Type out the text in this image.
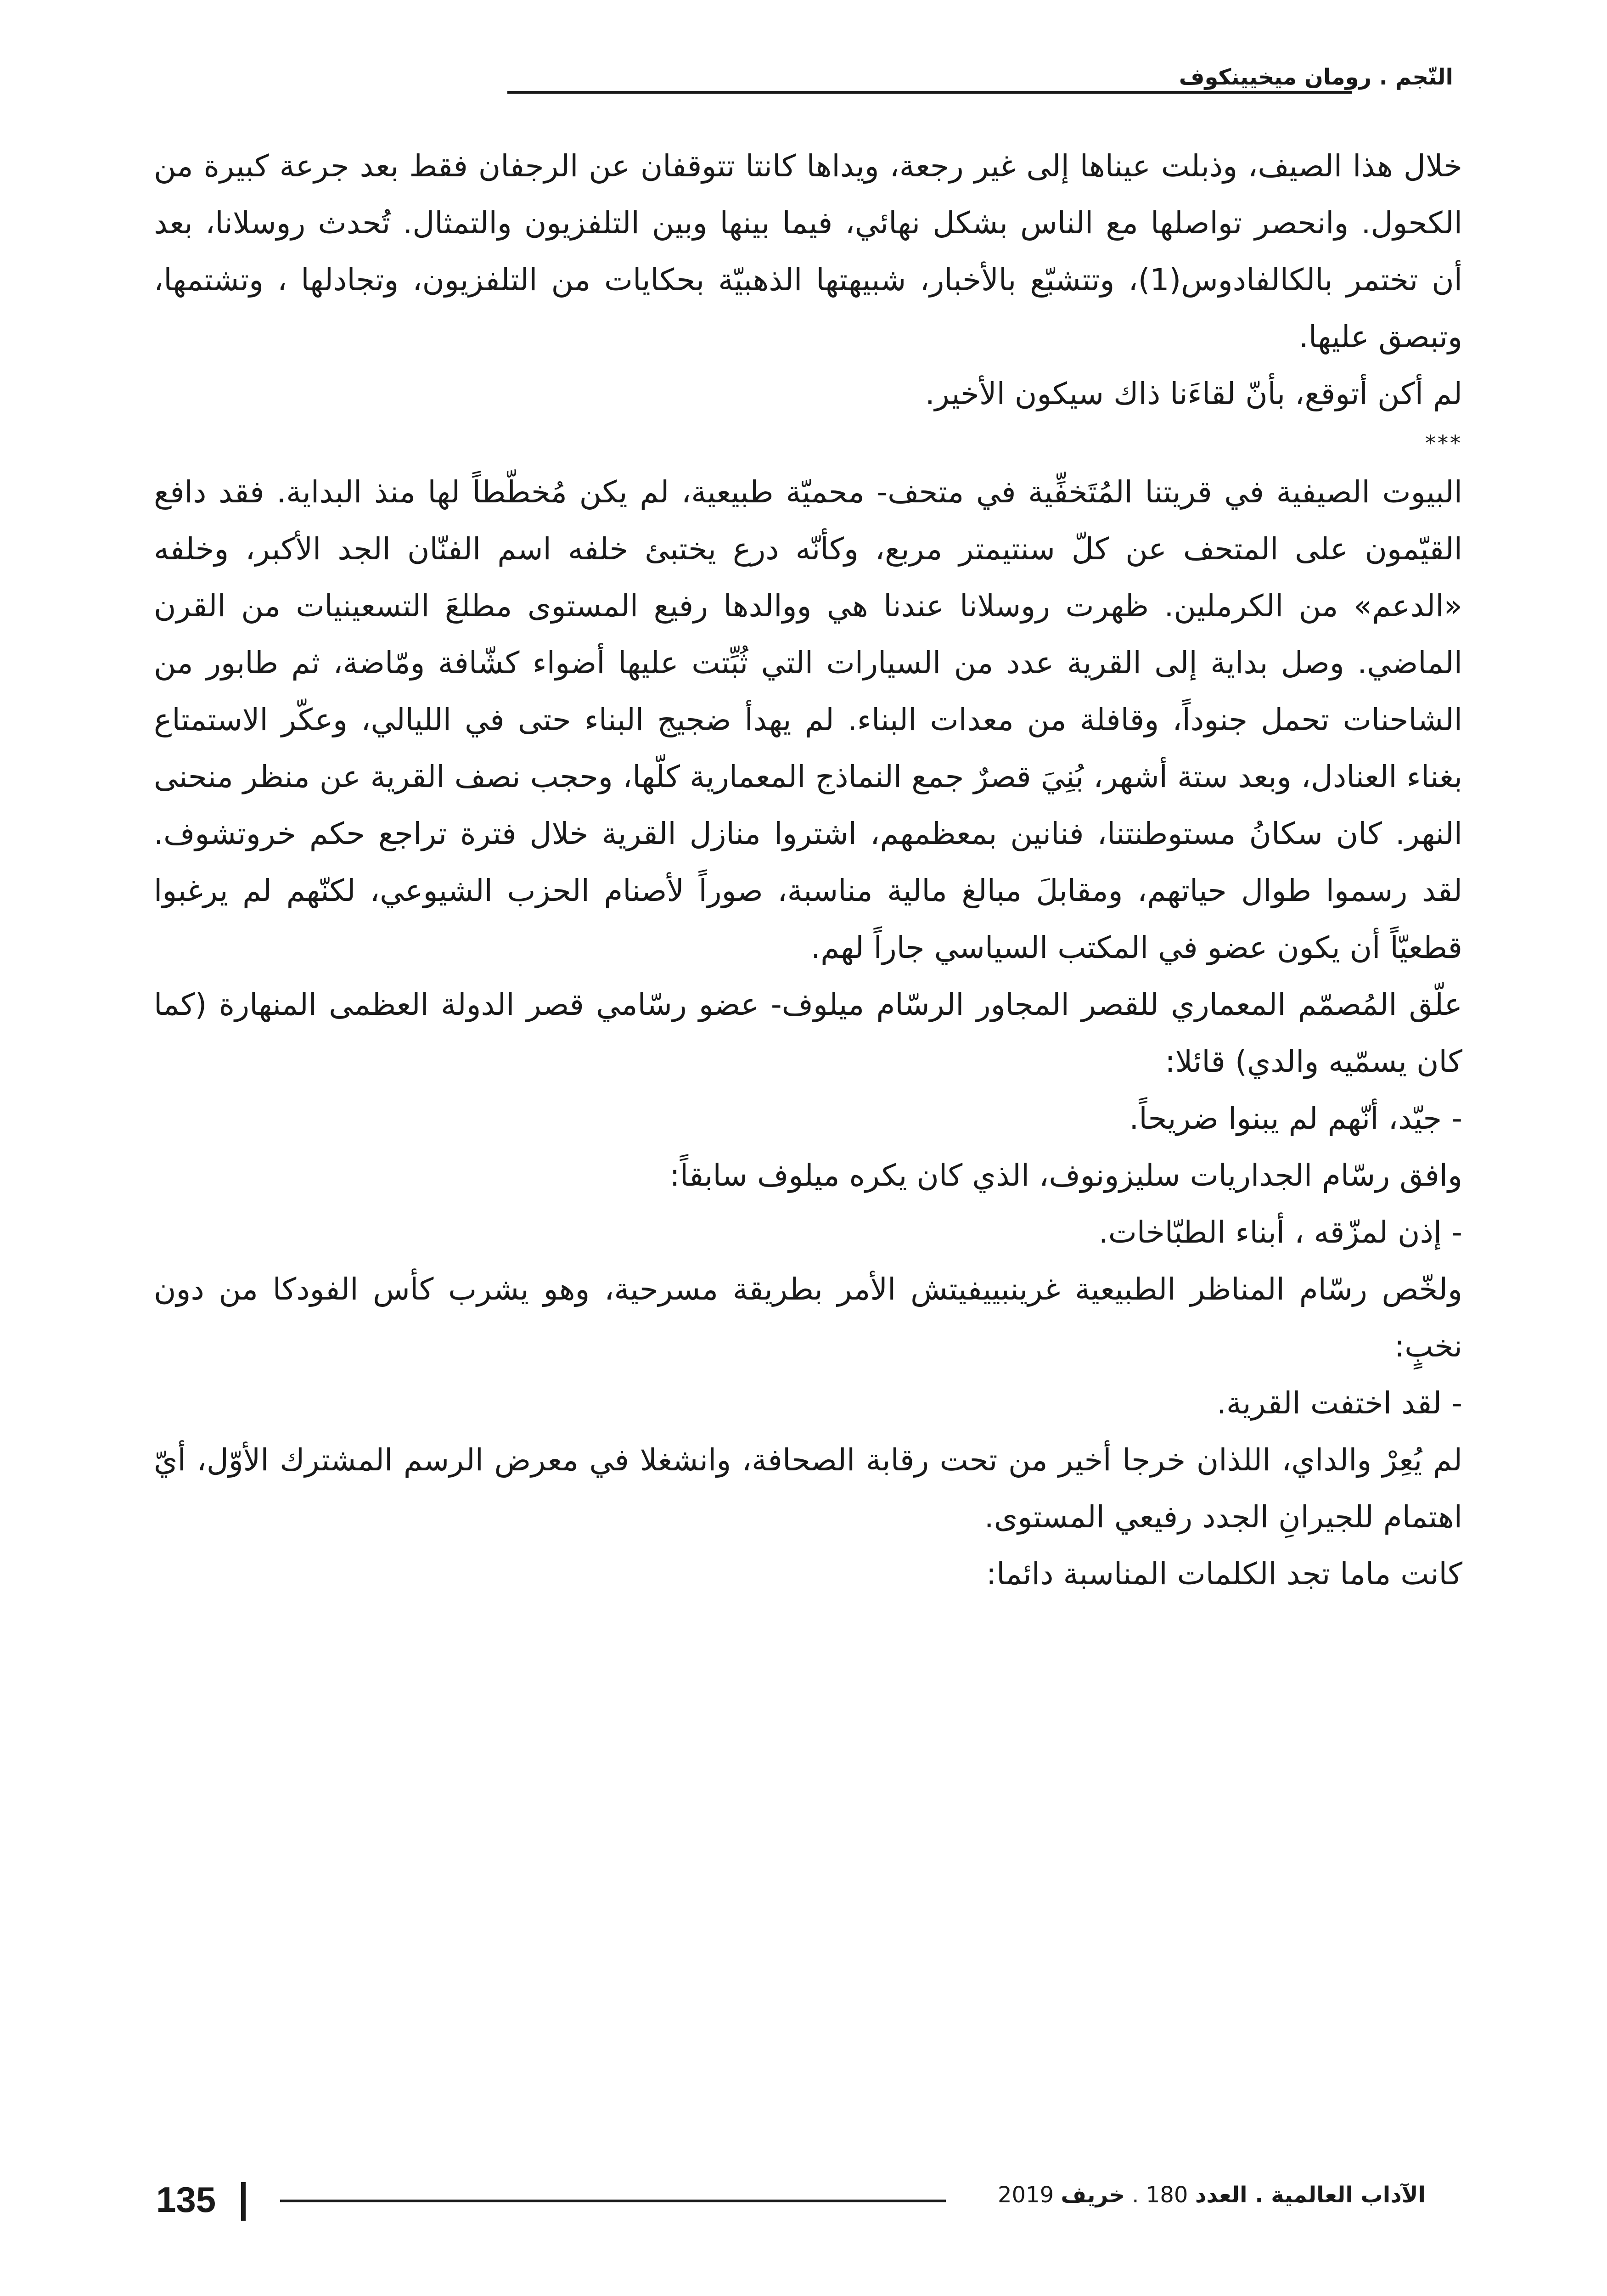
النّجم . رومان ميخيينكوف

خلال هذا الصيف، وذبلت عيناها إلى غير رجعة، ويداها كانتا تتوقفان عن الرجفان فقط بعد جرعة كبيرة من الكحول. وانحصر تواصلها مع الناس بشكل نهائي، فيما بينها وبين التلفزيون والتمثال. تُحدث روسلانا، بعد أن تختمر بالكالفادوس(1)، وتتشبّع بالأخبار، شبيهتها الذهبيّة بحكايات من التلفزيون، وتجادلها ، وتشتمها، وتبصق عليها.

لم أكن أتوقع، بأنّ لقاءَنا ذاك سيكون الأخير.

***

البيوت الصيفية في قريتنا المُتَخفِّية في متحف- محميّة طبيعية، لم يكن مُخطّطاً لها منذ البداية. فقد دافع القيّمون على المتحف عن كلّ سنتيمتر مربع، وكأنّه درع يختبئ خلفه اسم الفنّان الجد الأكبر، وخلفه «الدعم» من الكرملين. ظهرت روسلانا عندنا هي ووالدها رفيع المستوى مطلعَ التسعينيات من القرن الماضي. وصل بداية إلى القرية عدد من السيارات التي ثُبِّتت عليها أضواء كشّافة ومّاضة، ثم طابور من الشاحنات تحمل جنوداً، وقافلة من معدات البناء. لم يهدأ ضجيج البناء حتى في الليالي، وعكّر الاستمتاع بغناء العنادل، وبعد ستة أشهر، بُنِيَ قصرٌ جمع النماذج المعمارية كلّها، وحجب نصف القرية عن منظر منحنى النهر. كان سكانُ مستوطنتنا، فنانين بمعظمهم، اشتروا منازل القرية خلال فترة تراجع حكم خروتشوف. لقد رسموا طوال حياتهم، ومقابلَ مبالغ مالية مناسبة، صوراً لأصنام الحزب الشيوعي، لكنّهم لم يرغبوا قطعيّاً أن يكون عضو في المكتب السياسي جاراً لهم.

علّق المُصمّم المعماري للقصر المجاور الرسّام ميلوف- عضو رسّامي قصر الدولة العظمى المنهارة (كما كان يسمّيه والدي) قائلا:

- جيّد، أنّهم لم يبنوا ضريحاً.

وافق رسّام الجداريات سليزونوف، الذي كان يكره ميلوف سابقاً:

- إذن لمزّقه ، أبناء الطبّاخات.

ولخّص رسّام المناظر الطبيعية غرينبييفيتش الأمر بطريقة مسرحية، وهو يشرب كأس الفودكا من دون نخبٍ:

- لقد اختفت القرية.

لم يُعِرْ والداي، اللذان خرجا أخير من تحت رقابة الصحافة، وانشغلا في معرض الرسم المشترك الأوّل، أيّ اهتمام للجيرانِ الجدد رفيعي المستوى.

كانت ماما تجد الكلمات المناسبة دائما:

135	الآداب العالمية . العدد 180 . خريف 2019
